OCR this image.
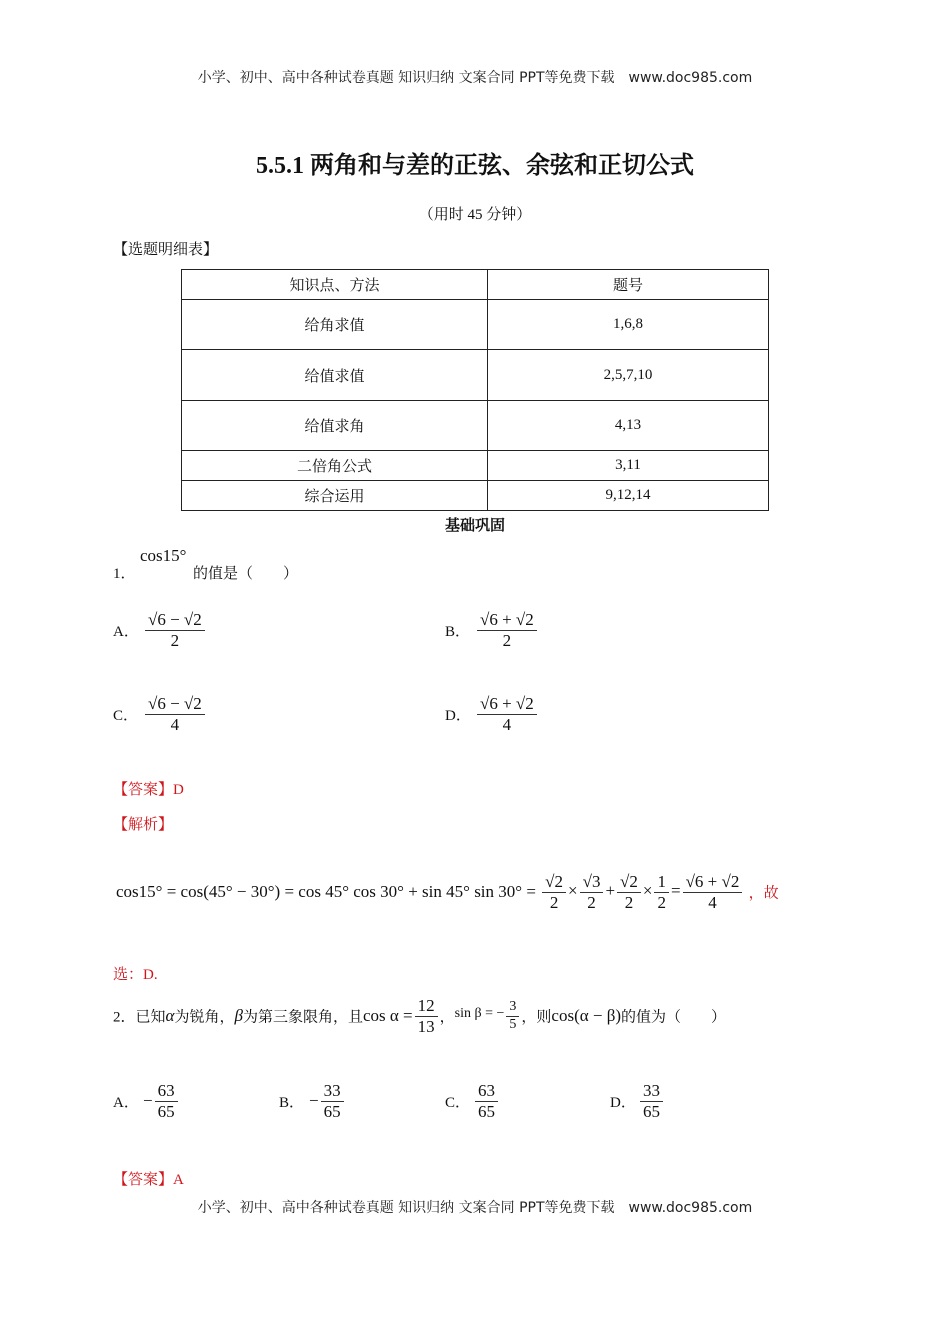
小学、初中、高中各种试卷真题 知识归纳 文案合同 PPT等免费下载　www.doc985.com
5.5.1 两角和与差的正弦、余弦和正切公式
（用时 45 分钟）
【选题明细表】
知识点、方法	题号
给角求值	1,6,8
给值求值	2,5,7,10
给值求角	4,13
二倍角公式	3,11
综合运用	9,12,14
基础巩固
1．
cos15°
的值是（　　）
A． $\frac{√6 - √2}{2}$	B． $\frac{√6 + √2}{2}$
C． $\frac{√6 - √2}{4}$	D． $\frac{√6 + √2}{4}$
【答案】D
【解析】
cos15° = cos(45° − 30°) = cos 45° cos 30° + sin 45° $\sin 30^\circ = \frac{√2}{2} \times \frac{√3}{2} + \frac{√2}{2} \times \frac{1}{2} = \frac{√6 + √2}{4}$ ，故
选：D.
2．已知α为锐角，β为第三象限角，且$\cos \alpha = \frac{12}{13}$ ，sin β = − $\frac{3}{5}$ ，则cos(α − β)的值为（　　）
A． − $\frac{63}{65}$	B． − $\frac{33}{65}$	C． $\frac{63}{65}$	D． $\frac{33}{65}$
【答案】A
小学、初中、高中各种试卷真题 知识归纳 文案合同 PPT等免费下载　www.doc985.com
